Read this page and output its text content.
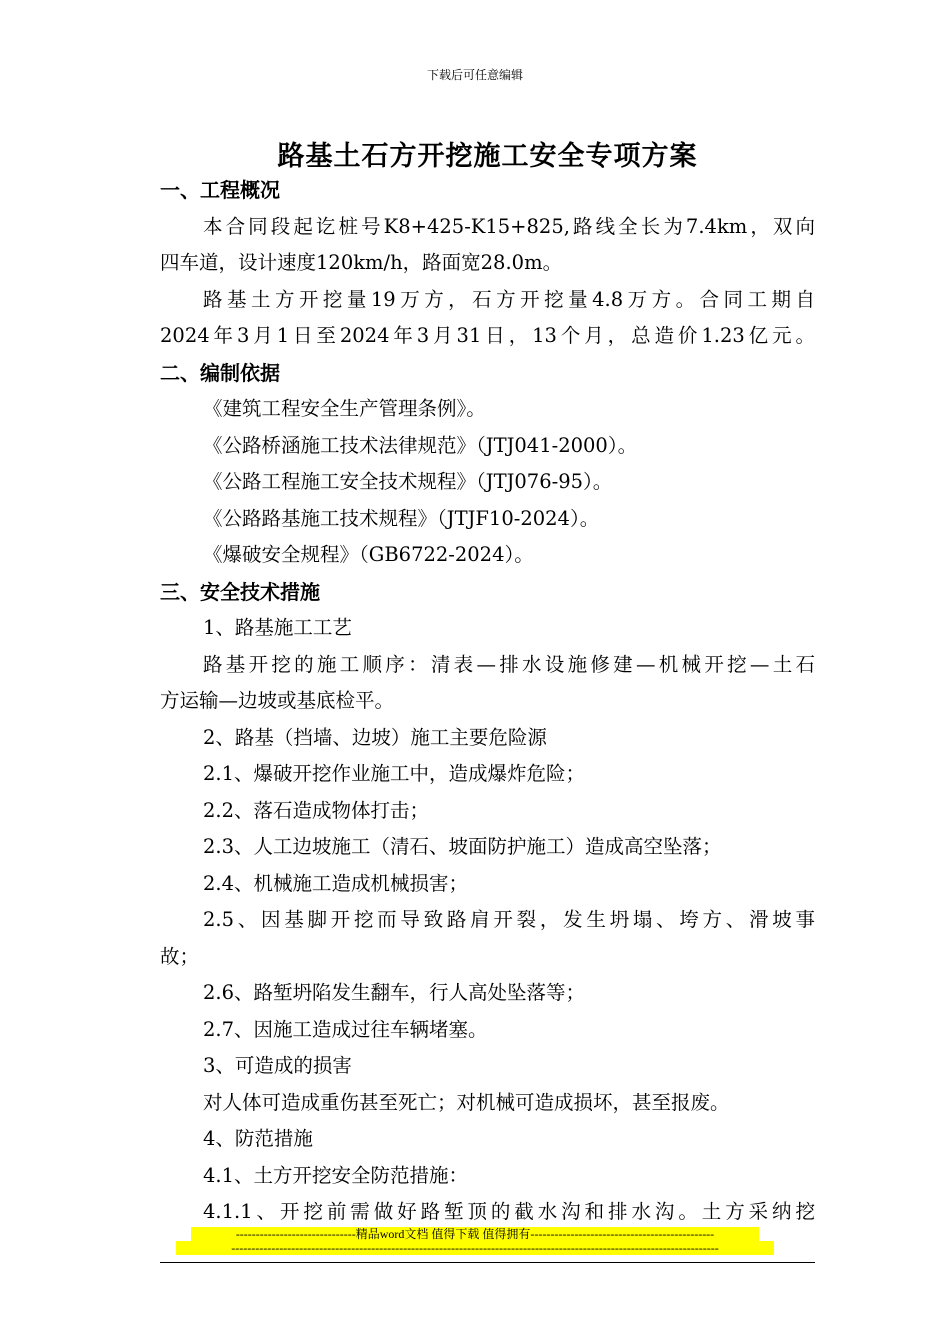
下载后可任意编辑
路基土石方开挖施工安全专项方案
一、工程概况
本合同段起讫桩号K8+425-K15+825,路线全长为7.4km，双向
四车道，设计速度120km/h，路面宽28.0m。
路基土方开挖量19万方，石方开挖量4.8万方。合同工期自
2024年3月1日至2024年3月31日，13个月，总造价1.23亿元。
二、编制依据
《建筑工程安全生产管理条例》。
《公路桥涵施工技术法律规范》（JTJ041-2000）。
《公路工程施工安全技术规程》（JTJ076-95）。
《公路路基施工技术规程》（JTJF10-2024）。
《爆破安全规程》（GB6722-2024）。
三、安全技术措施
1、路基施工工艺
路基开挖的施工顺序：清表—排水设施修建—机械开挖—土石
方运输—边坡或基底检平。
2、路基（挡墙、边坡）施工主要危险源
2.1、爆破开挖作业施工中，造成爆炸危险；
2.2、落石造成物体打击；
2.3、人工边坡施工（清石、坡面防护施工）造成高空坠落；
2.4、机械施工造成机械损害；
2.5、因基脚开挖而导致路肩开裂，发生坍塌、垮方、滑坡事
故；
2.6、路堑坍陷发生翻车，行人高处坠落等；
2.7、因施工造成过往车辆堵塞。
3、可造成的损害
对人体可造成重伤甚至死亡；对机械可造成损坏，甚至报废。
4、防范措施
4.1、土方开挖安全防范措施：
4.1.1、开挖前需做好路堑顶的截水沟和排水沟。土方采纳挖
------------------------------精品word文档 值得下载 值得拥有----------------------------------------------
--------------------------------------------------------------------------------------------------------------------------
